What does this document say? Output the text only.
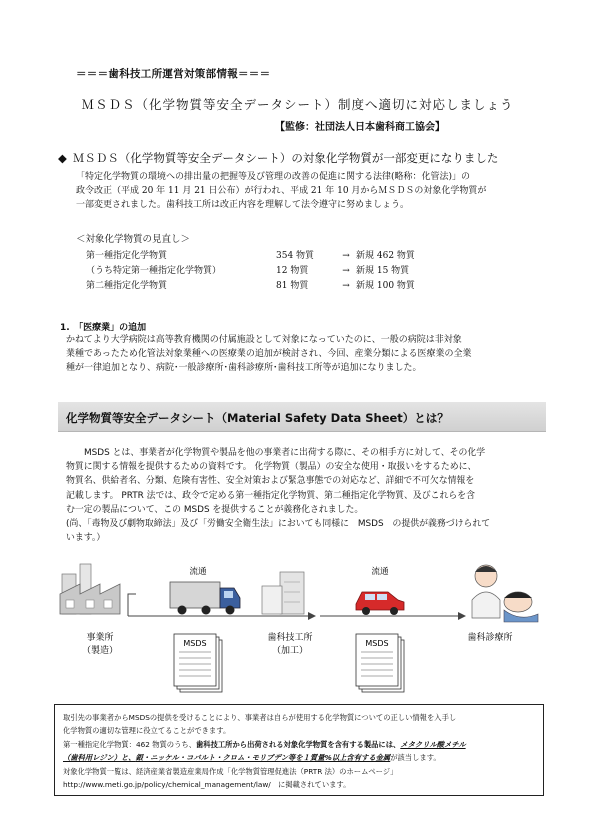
＝＝＝歯科技工所運営対策部情報＝＝＝
ＭＳＤＳ（化学物質等安全データシート）制度へ適切に対応しましょう
【監修：社団法人日本歯科商工協会】
◆ ＭＳＤＳ（化学物質等安全データシート）の対象化学物質が一部変更になりました
「特定化学物質の環境への排出量の把握等及び管理の改善の促進に関する法律(略称：化管法)」の
政令改正（平成 20 年 11 月 21 日公布）が行われ、平成 21 年 10 月からＭＳＤＳの対象化学物質が
一部変更されました。歯科技工所は改正内容を理解して法令遵守に努めましょう。
＜対象化学物質の見直し＞
第一種指定化学物質	354 物質	→ 新規 462 物質
（うち特定第一種指定化学物質）	12 物質	→ 新規 15 物質
第二種指定化学物質	81 物質	→ 新規 100 物質
1.　「医療業」の追加
かねてより大学病院は高等教育機関の付属施設として対象になっていたのに、一般の病院は非対象
業種であったため化管法対象業種への医療業の追加が検討され、今回、産業分類による医療業の全業
種が一律追加となり、病院･一般診療所･歯科診療所･歯科技工所等が追加になりました。
化学物質等安全データシート（Material Safety Data Sheet）とは？
MSDS とは、事業者が化学物質や製品を他の事業者に出荷する際に、その相手方に対して、その化学
物質に関する情報を提供するための資料です。 化学物質（製品）の安全な使用・取扱いをするために、
物質名、供給者名、分類、危険有害性、安全対策および緊急事態での対応など、詳細で不可欠な情報を
記載します。 PRTR 法では、政令で定める第一種指定化学物質、第二種指定化学物質、及びこれらを含
む一定の製品について、この MSDS を提供することが義務化されました。
(尚、「毒物及び劇物取締法」及び「労働安全衛生法」においても同様に　MSDS　の提供が義務づけられて
います。）
流通
MSDS
流通
MSDS
事業所
（製造）
歯科技工所
（加工）
歯科診療所
取引先の事業者からMSDSの提供を受けることにより、事業者は自らが使用する化学物質についての正しい情報を入手し
化学物質の適切な管理に役立てることができます。
第一種指定化学物質：462 物質のうち、歯科技工所から出荷される対象化学物質を含有する製品には、メタクリル酸メチル
（歯科用レジン）と、銀・ニッケル・コバルト・クロム・モリブデン等を１質量%以上含有する金属が該当します。
対象化学物質一覧は、経済産業省製造産業局作成「化学物質管理促進法（PRTR 法）のホームページ」
http://www.meti.go.jp/policy/chemical_management/law/　に掲載されています。
